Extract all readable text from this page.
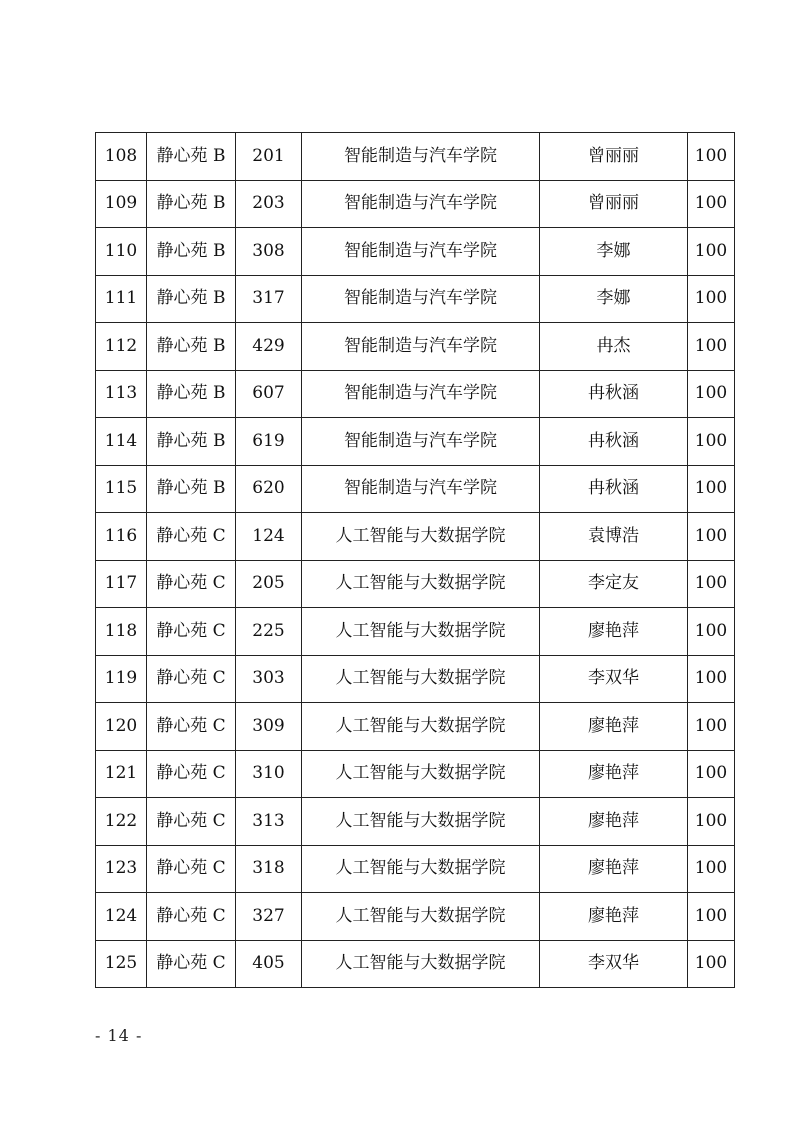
108	静心苑 B	201	智能制造与汽车学院	曾丽丽	100
109	静心苑 B	203	智能制造与汽车学院	曾丽丽	100
110	静心苑 B	308	智能制造与汽车学院	李娜	100
111	静心苑 B	317	智能制造与汽车学院	李娜	100
112	静心苑 B	429	智能制造与汽车学院	冉杰	100
113	静心苑 B	607	智能制造与汽车学院	冉秋涵	100
114	静心苑 B	619	智能制造与汽车学院	冉秋涵	100
115	静心苑 B	620	智能制造与汽车学院	冉秋涵	100
116	静心苑 C	124	人工智能与大数据学院	袁博浩	100
117	静心苑 C	205	人工智能与大数据学院	李定友	100
118	静心苑 C	225	人工智能与大数据学院	廖艳萍	100
119	静心苑 C	303	人工智能与大数据学院	李双华	100
120	静心苑 C	309	人工智能与大数据学院	廖艳萍	100
121	静心苑 C	310	人工智能与大数据学院	廖艳萍	100
122	静心苑 C	313	人工智能与大数据学院	廖艳萍	100
123	静心苑 C	318	人工智能与大数据学院	廖艳萍	100
124	静心苑 C	327	人工智能与大数据学院	廖艳萍	100
125	静心苑 C	405	人工智能与大数据学院	李双华	100
- 14 -
